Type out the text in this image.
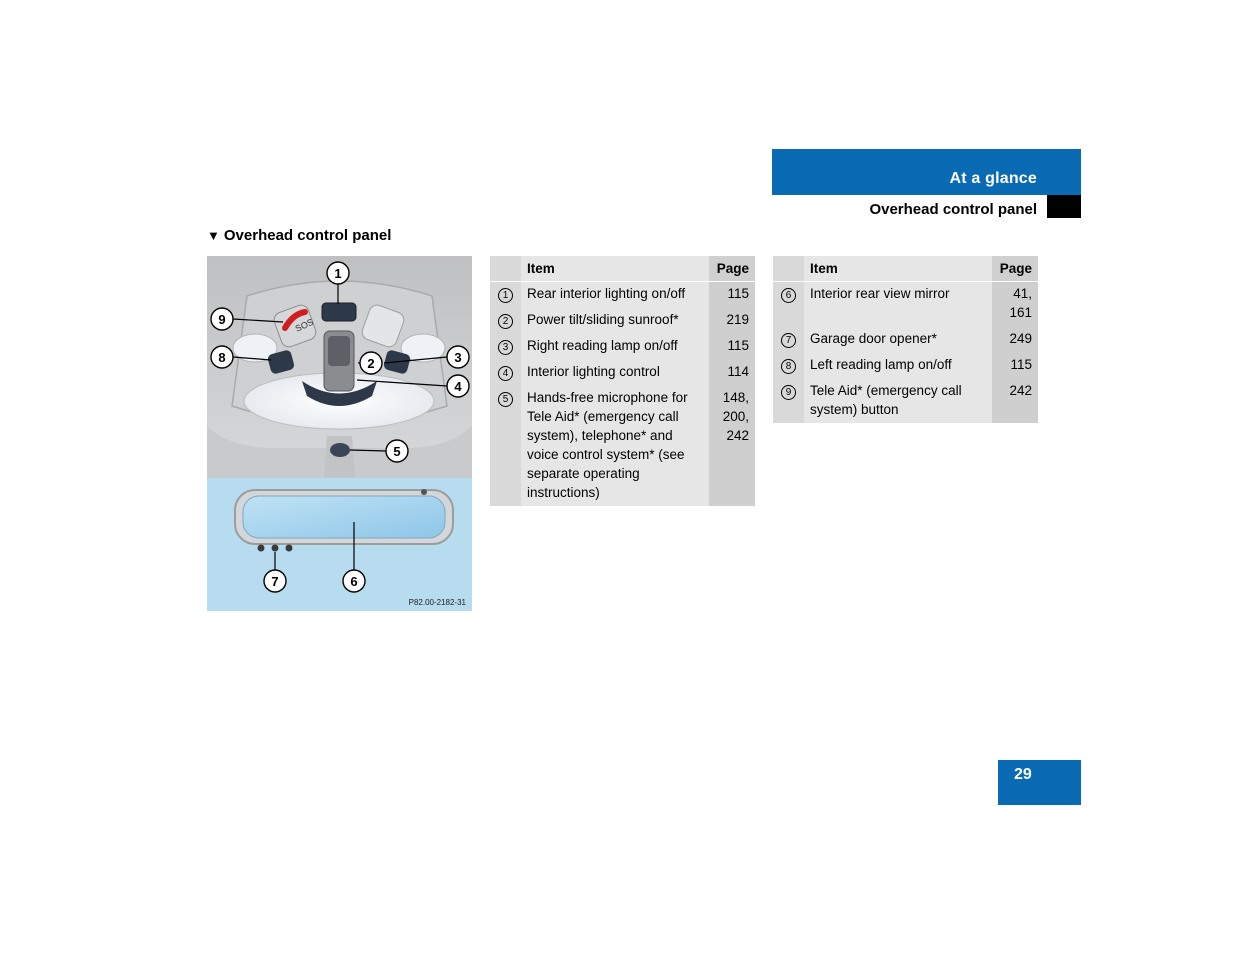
At a glance
Overhead control panel
▼ Overhead control panel
SOS
1
9
8	2	3
4
5
7	6
P82.00-2182-31
	Item	Page
1	Rear interior lighting on/off	115
2	Power tilt/sliding sunroof*	219
3	Right reading lamp on/off	115
4	Interior lighting control	114
5	Hands-free microphone for Tele Aid* (emergency call system), telephone* and voice control system* (see separate operating instructions)	148, 200, 242
	Item	Page
6	Interior rear view mirror	41, 161
7	Garage door opener*	249
8	Left reading lamp on/off	115
9	Tele Aid* (emergency call system) button	242
29
